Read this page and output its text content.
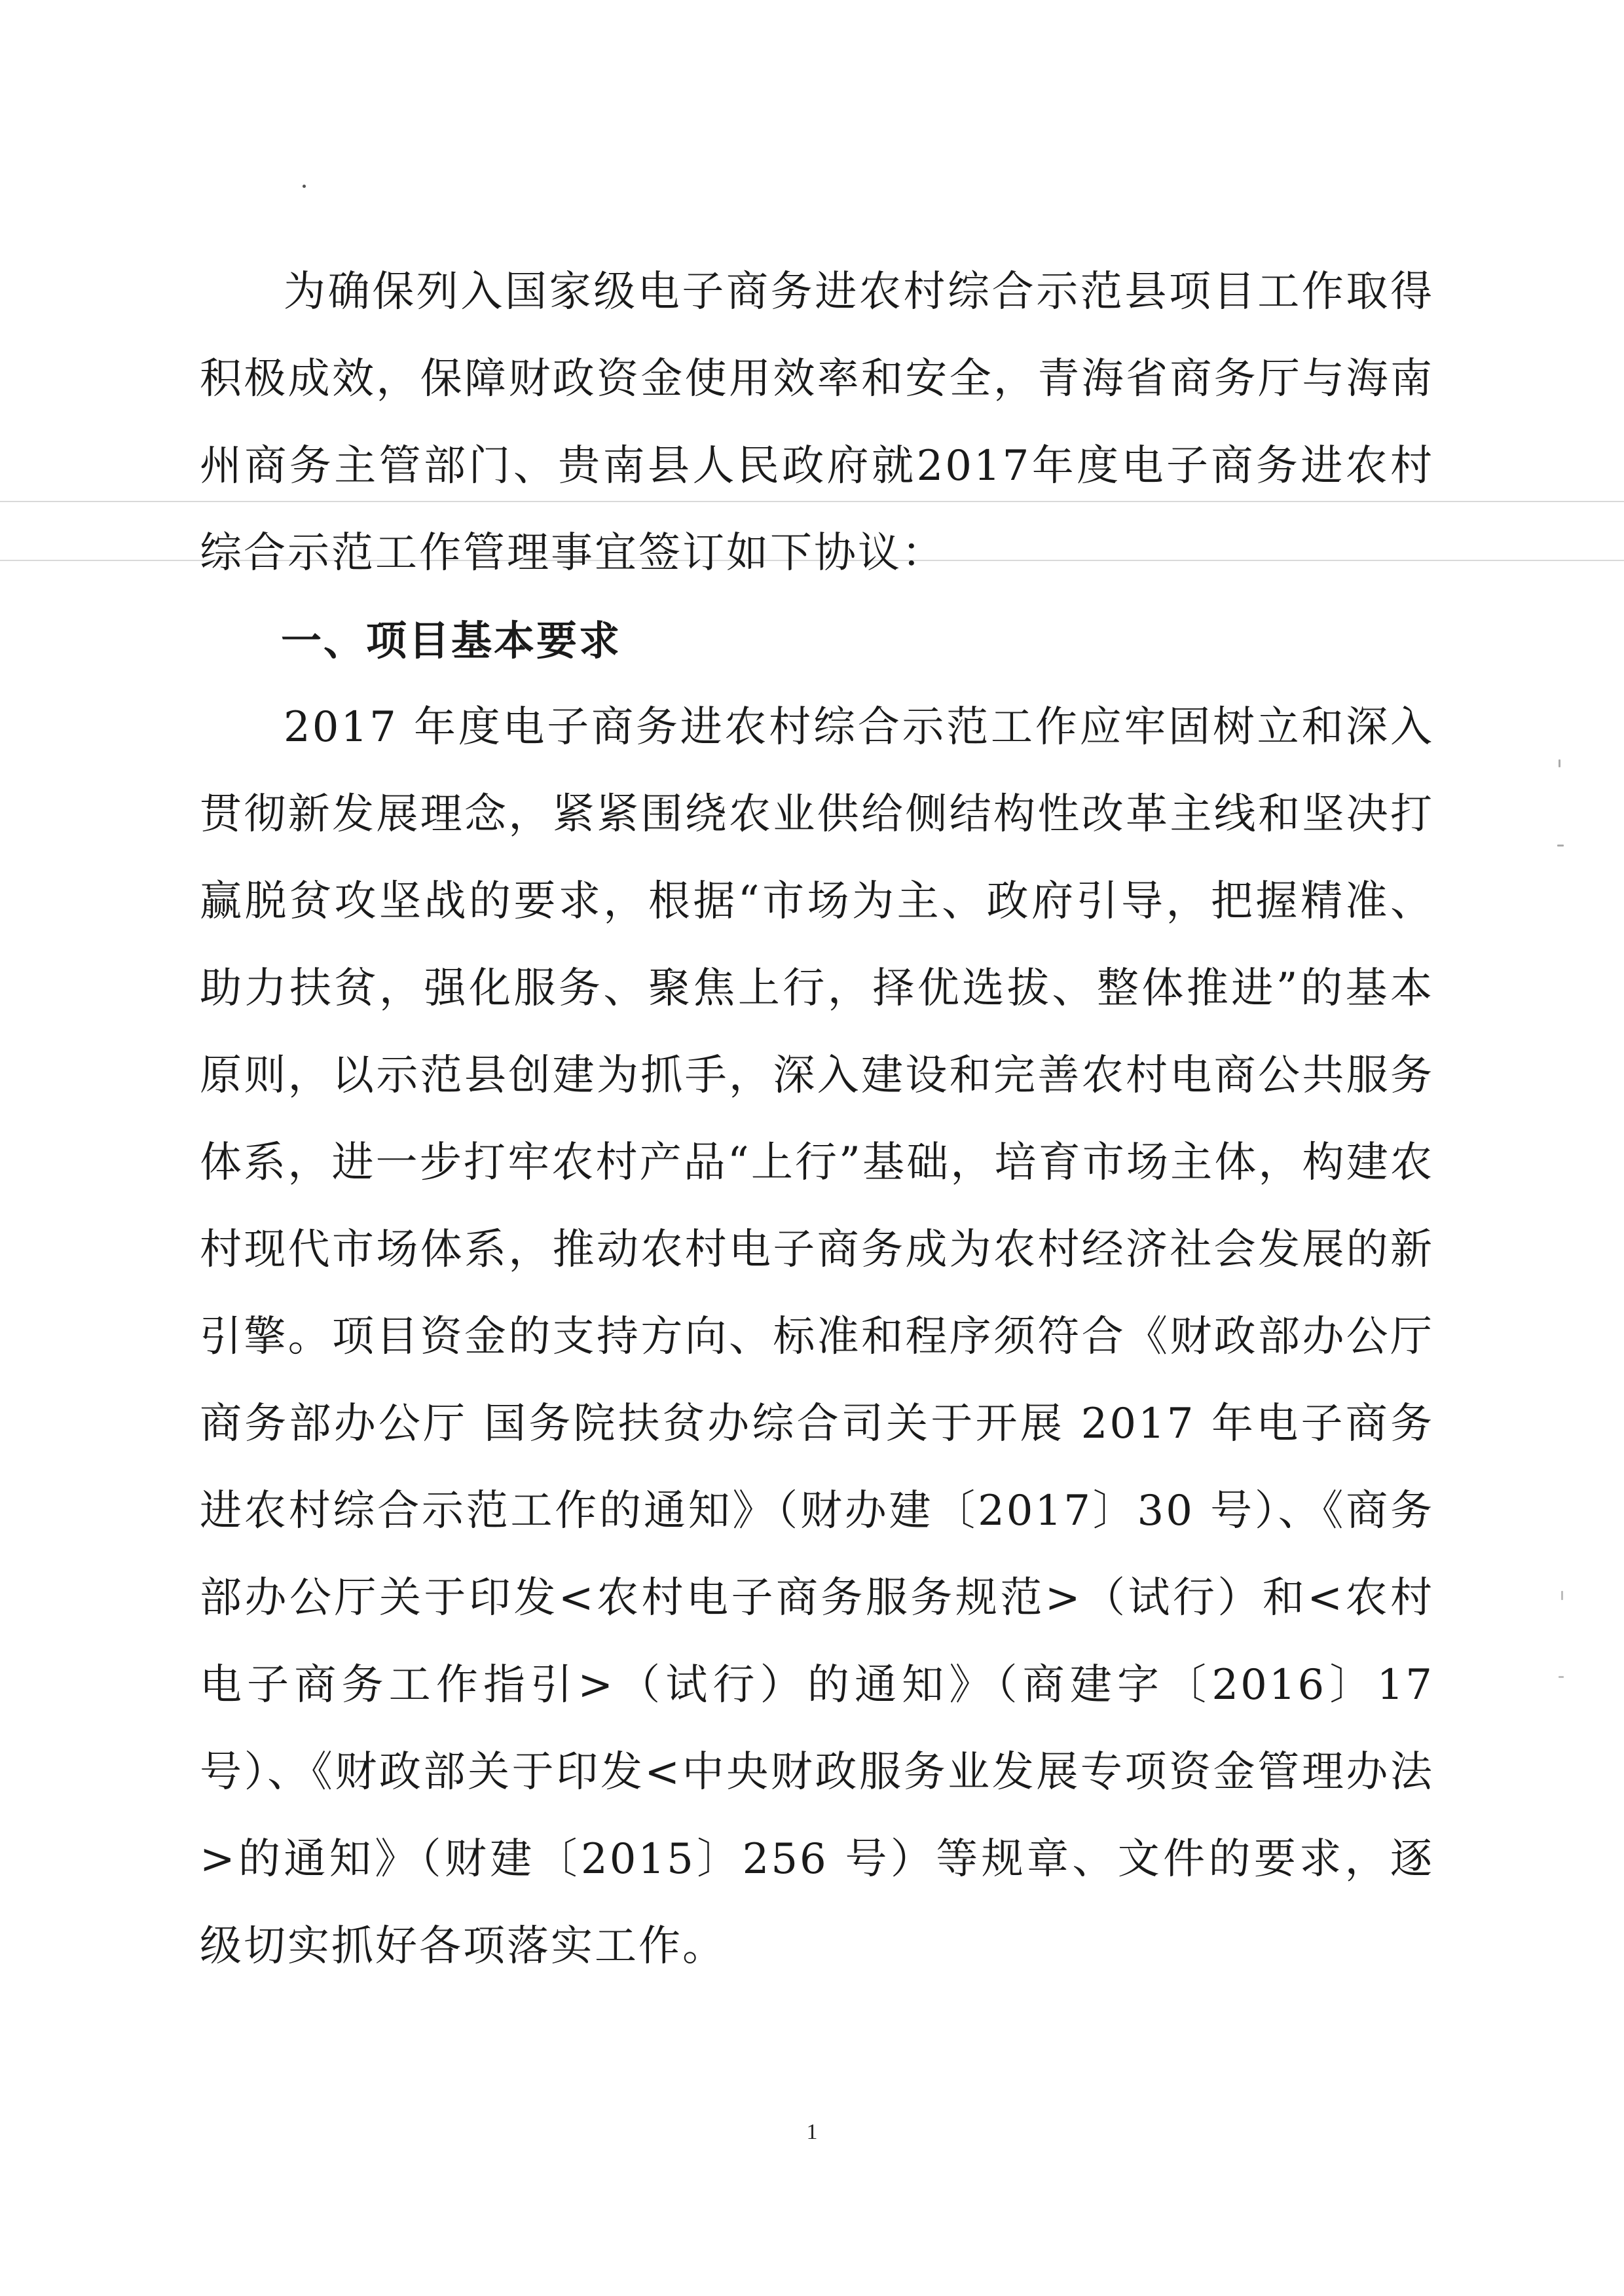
为确保列入国家级电子商务进农村综合示范县项目工作取得积极成效，保障财政资金使用效率和安全，青海省商务厅与海南州商务主管部门、贵南县人民政府就2017年度电子商务进农村综合示范工作管理事宜签订如下协议：

一、项目基本要求

2017 年度电子商务进农村综合示范工作应牢固树立和深入贯彻新发展理念，紧紧围绕农业供给侧结构性改革主线和坚决打赢脱贫攻坚战的要求，根据“市场为主、政府引导，把握精准、助力扶贫，强化服务、聚焦上行，择优选拔、整体推进”的基本原则，以示范县创建为抓手，深入建设和完善农村电商公共服务体系，进一步打牢农村产品“上行”基础，培育市场主体，构建农村现代市场体系，推动农村电子商务成为农村经济社会发展的新引擎。项目资金的支持方向、标准和程序须符合《财政部办公厅 商务部办公厅 国务院扶贫办综合司关于开展 2017 年电子商务进农村综合示范工作的通知》（财办建〔2017〕30 号）、《商务部办公厅关于印发<农村电子商务服务规范>（试行）和<农村电子商务工作指引>（试行）的通知》（商建字〔2016〕17 号）、《财政部关于印发<中央财政服务业发展专项资金管理办法>的通知》（财建〔2015〕256 号）等规章、文件的要求，逐级切实抓好各项落实工作。

1
